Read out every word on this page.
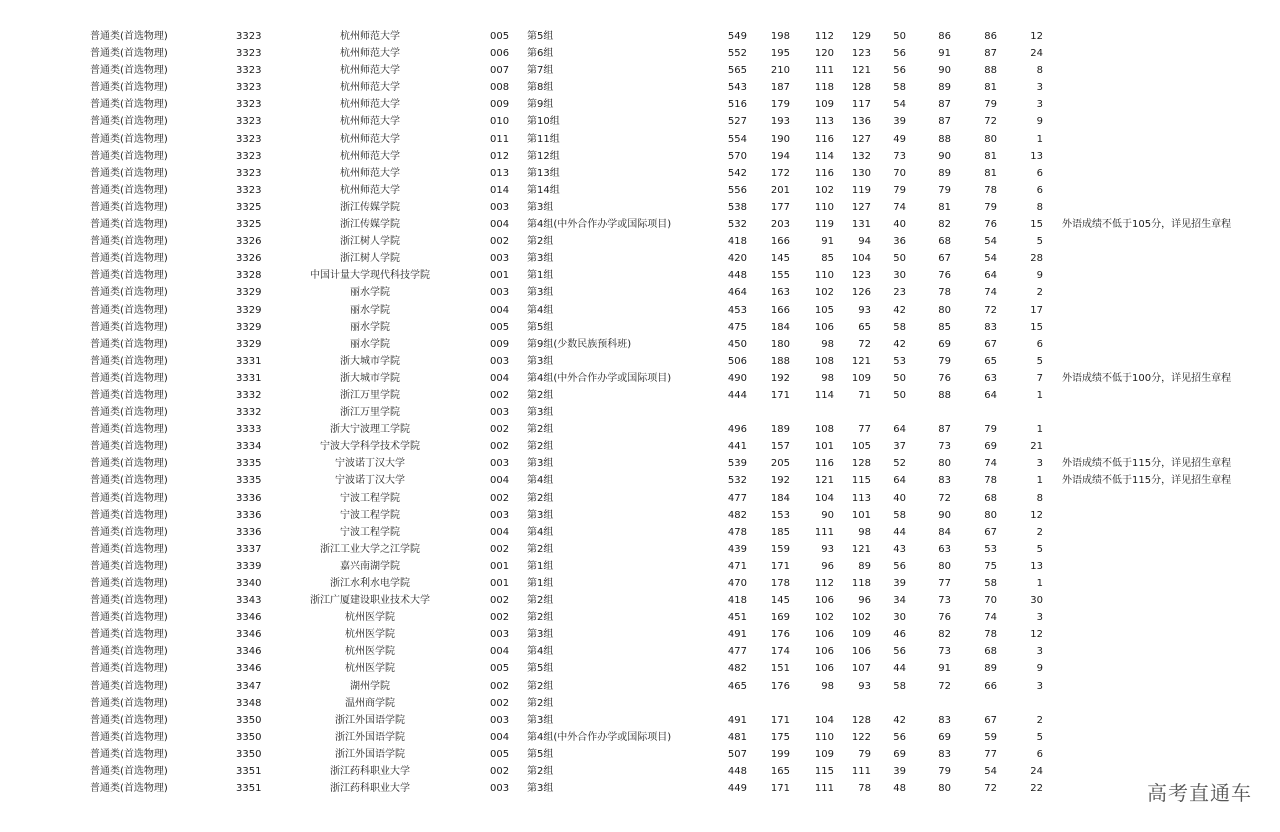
普通类(首选物理)	3323	杭州师范大学	005 第5组	549	198	112	129	50	86	86	12
普通类(首选物理)	3323	杭州师范大学	006 第6组	552	195	120	123	56	91	87	24
普通类(首选物理)	3323	杭州师范大学	007 第7组	565	210	111	121	56	90	88	8
普通类(首选物理)	3323	杭州师范大学	008 第8组	543	187	118	128	58	89	81	3
普通类(首选物理)	3323	杭州师范大学	009 第9组	516	179	109	117	54	87	79	3
普通类(首选物理)	3323	杭州师范大学	010 第10组	527	193	113	136	39	87	72	9
普通类(首选物理)	3323	杭州师范大学	011 第11组	554	190	116	127	49	88	80	1
普通类(首选物理)	3323	杭州师范大学	012 第12组	570	194	114	132	73	90	81	13
普通类(首选物理)	3323	杭州师范大学	013 第13组	542	172	116	130	70	89	81	6
普通类(首选物理)	3323	杭州师范大学	014 第14组	556	201	102	119	79	79	78	6
普通类(首选物理)	3325	浙江传媒学院	003 第3组	538	177	110	127	74	81	79	8
普通类(首选物理)	3325	浙江传媒学院	004 第4组(中外合作办学或国际项目)	532	203	119	131	40	82	76	15 外语成绩不低于105分，详见招生章程
普通类(首选物理)	3326	浙江树人学院	002 第2组	418	166	91	94	36	68	54	5
普通类(首选物理)	3326	浙江树人学院	003 第3组	420	145	85	104	50	67	54	28
普通类(首选物理)	3328	中国计量大学现代科技学院	001 第1组	448	155	110	123	30	76	64	9
普通类(首选物理)	3329	丽水学院	003 第3组	464	163	102	126	23	78	74	2
普通类(首选物理)	3329	丽水学院	004 第4组	453	166	105	93	42	80	72	17
普通类(首选物理)	3329	丽水学院	005 第5组	475	184	106	65	58	85	83	15
普通类(首选物理)	3329	丽水学院	009 第9组(少数民族预科班)	450	180	98	72	42	69	67	6
普通类(首选物理)	3331	浙大城市学院	003 第3组	506	188	108	121	53	79	65	5
普通类(首选物理)	3331	浙大城市学院	004 第4组(中外合作办学或国际项目)	490	192	98	109	50	76	63	7 外语成绩不低于100分，详见招生章程
普通类(首选物理)	3332	浙江万里学院	002 第2组	444	171	114	71	50	88	64	1
普通类(首选物理)	3332	浙江万里学院	003 第3组
普通类(首选物理)	3333	浙大宁波理工学院	002 第2组	496	189	108	77	64	87	79	1
普通类(首选物理)	3334	宁波大学科学技术学院	002 第2组	441	157	101	105	37	73	69	21
普通类(首选物理)	3335	宁波诺丁汉大学	003 第3组	539	205	116	128	52	80	74	3 外语成绩不低于115分，详见招生章程
普通类(首选物理)	3335	宁波诺丁汉大学	004 第4组	532	192	121	115	64	83	78	1 外语成绩不低于115分，详见招生章程
普通类(首选物理)	3336	宁波工程学院	002 第2组	477	184	104	113	40	72	68	8
普通类(首选物理)	3336	宁波工程学院	003 第3组	482	153	90	101	58	90	80	12
普通类(首选物理)	3336	宁波工程学院	004 第4组	478	185	111	98	44	84	67	2
普通类(首选物理)	3337	浙江工业大学之江学院	002 第2组	439	159	93	121	43	63	53	5
普通类(首选物理)	3339	嘉兴南湖学院	001 第1组	471	171	96	89	56	80	75	13
普通类(首选物理)	3340	浙江水利水电学院	001 第1组	470	178	112	118	39	77	58	1
普通类(首选物理)	3343	浙江广厦建设职业技术大学	002 第2组	418	145	106	96	34	73	70	30
普通类(首选物理)	3346	杭州医学院	002 第2组	451	169	102	102	30	76	74	3
普通类(首选物理)	3346	杭州医学院	003 第3组	491	176	106	109	46	82	78	12
普通类(首选物理)	3346	杭州医学院	004 第4组	477	174	106	106	56	73	68	3
普通类(首选物理)	3346	杭州医学院	005 第5组	482	151	106	107	44	91	89	9
普通类(首选物理)	3347	湖州学院	002 第2组	465	176	98	93	58	72	66	3
普通类(首选物理)	3348	温州商学院	002 第2组
普通类(首选物理)	3350	浙江外国语学院	003 第3组	491	171	104	128	42	83	67	2
普通类(首选物理)	3350	浙江外国语学院	004 第4组(中外合作办学或国际项目)	481	175	110	122	56	69	59	5
普通类(首选物理)	3350	浙江外国语学院	005 第5组	507	199	109	79	69	83	77	6
普通类(首选物理)	3351	浙江药科职业大学	002 第2组	448	165	115	111	39	79	54	24
普通类(首选物理)	3351	浙江药科职业大学	003 第3组	449	171	111	78	48	80	72	22	高考直通车
